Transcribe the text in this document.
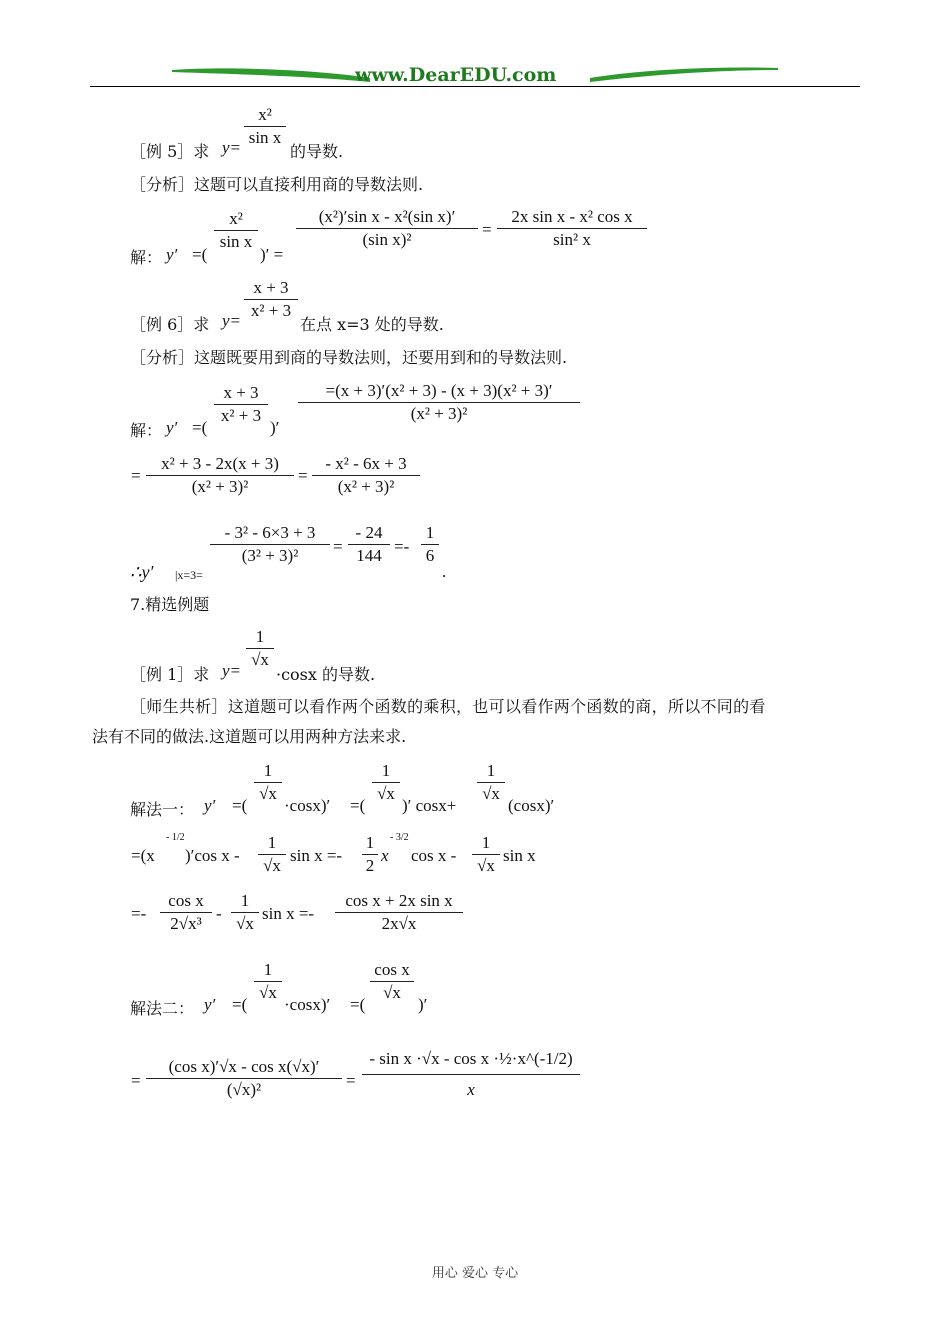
www.DearEDU.com
［例 5］求 $y= \frac{\text{x²}}{\text{sin x}}$
的导数.
［分析］这题可以直接利用商的导数法则.
解： y′ =(
$\frac{\text{x²}}{\text{sin x}}$
)′ =
$\frac{\text{(x²)′sin x - x²(sin x)′}}{\text{(sin x)²}} = \frac{\text{2x sin x - x² cos x}}{\text{sin² x}}$
［例 6］求 $y= \frac{x + 3}{\text{x² + 3}}$
在点 x=3 处的导数.
［分析］这题既要用到商的导数法则，还要用到和的导数法则.
解： y′ =(
$\frac{x + 3}{\text{x² + 3}}$
)′
$\frac{\text{=(x + 3)′(x² + 3) - (x + 3)(x² + 3)′}}{\text{(x² + 3)²}}$
= $\frac{\text{x² + 3 - 2x(x + 3)}}{\text{(x² + 3)²}} = \frac{\text{- x² - 6x + 3}}{\text{(x² + 3)²}}$
∴y′ |x=3=
$\frac{\text{- 3² - 6×3 + 3}}{\text{(3² + 3)²}} = \frac{- 24}{144} =- \frac{1}{6}$
.
7.精选例题
［例 1］求 $y= \frac{1}{√x}$
·cosx 的导数.
［师生共析］这道题可以看作两个函数的乘积，也可以看作两个函数的商，所以不同的看
法有不同的做法.这道题可以用两种方法来求.
解法一： y′ =(
$\frac{1}{√x}$
·cosx)′ =(
$\frac{1}{√x}$
)′ cosx+
$\frac{1}{√x}$
(cosx)′
=(x
- 1/2
)′cos x - $\frac{1}{√x}$ $\sin x =- \frac{1}{2}$ x
- 3/2
cos x - $\frac{1}{√x}$ sin x
=- $\frac{\text{cos x}}{\text{2√x³}} - \frac{1}{√x}$ $\sin x =- \frac{\text{cos x + 2x sin x}}{2x√x}$
解法二： y′ =(
$\frac{1}{√x}$
·cosx)′ =(
$\frac{\text{cos x}}{√x}$
)′
= $\frac{\text{(cos x)′√x - cos x(√x)′}}{\text{(√x)²}} = \frac{\text{- sin x ·√x - cos x ·½·x\textasciicircum{}(-1/2)}}{x}$
用心 爱心 专心
